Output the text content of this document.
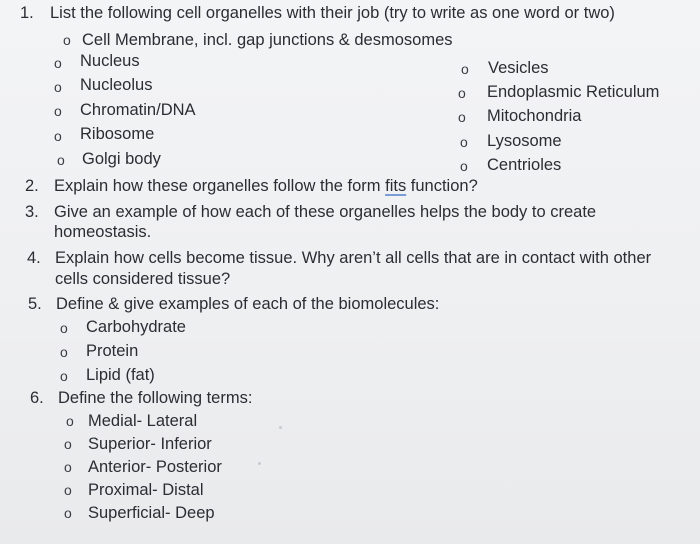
1. List the following cell organelles with their job (try to write as one word or two)
o Cell Membrane, incl. gap junctions & desmosomes
o Nucleus
o Nucleolus
o Chromatin/DNA
o Ribosome
o Golgi body
o Vesicles
o Endoplasmic Reticulum
o Mitochondria
o Lysosome
o Centrioles
2. Explain how these organelles follow the form fits function?
3. Give an example of how each of these organelles helps the body to create
homeostasis.
4. Explain how cells become tissue. Why aren’t all cells that are in contact with other
cells considered tissue?
5. Define & give examples of each of the biomolecules:
o Carbohydrate
o Protein
o Lipid (fat)
6. Define the following terms:
o Medial- Lateral
o Superior- Inferior
o Anterior- Posterior
o Proximal- Distal
o Superficial- Deep
